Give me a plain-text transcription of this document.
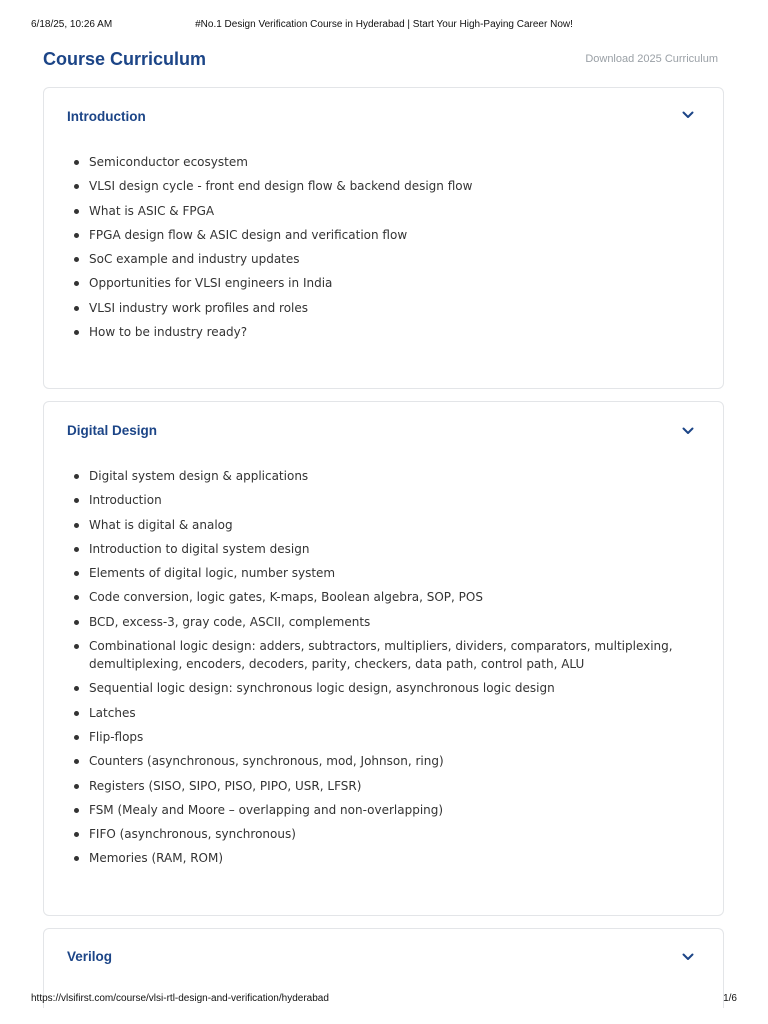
6/18/25, 10:26 AM	#No.1 Design Verification Course in Hyderabad | Start Your High-Paying Career Now!
Course Curriculum	Download 2025 Curriculum
Introduction
Semiconductor ecosystem
VLSI design cycle - front end design flow & backend design flow
What is ASIC & FPGA
FPGA design flow & ASIC design and verification flow
SoC example and industry updates
Opportunities for VLSI engineers in India
VLSI industry work profiles and roles
How to be industry ready?
Digital Design
Digital system design & applications
Introduction
What is digital & analog
Introduction to digital system design
Elements of digital logic, number system
Code conversion, logic gates, K-maps, Boolean algebra, SOP, POS
BCD, excess-3, gray code, ASCII, complements
Combinational logic design: adders, subtractors, multipliers, dividers, comparators, multiplexing, demultiplexing, encoders, decoders, parity, checkers, data path, control path, ALU
Sequential logic design: synchronous logic design, asynchronous logic design
Latches
Flip-flops
Counters (asynchronous, synchronous, mod, Johnson, ring)
Registers (SISO, SIPO, PISO, PIPO, USR, LFSR)
FSM (Mealy and Moore – overlapping and non-overlapping)
FIFO (asynchronous, synchronous)
Memories (RAM, ROM)
Verilog
https://vlsifirst.com/course/vlsi-rtl-design-and-verification/hyderabad	1/6
